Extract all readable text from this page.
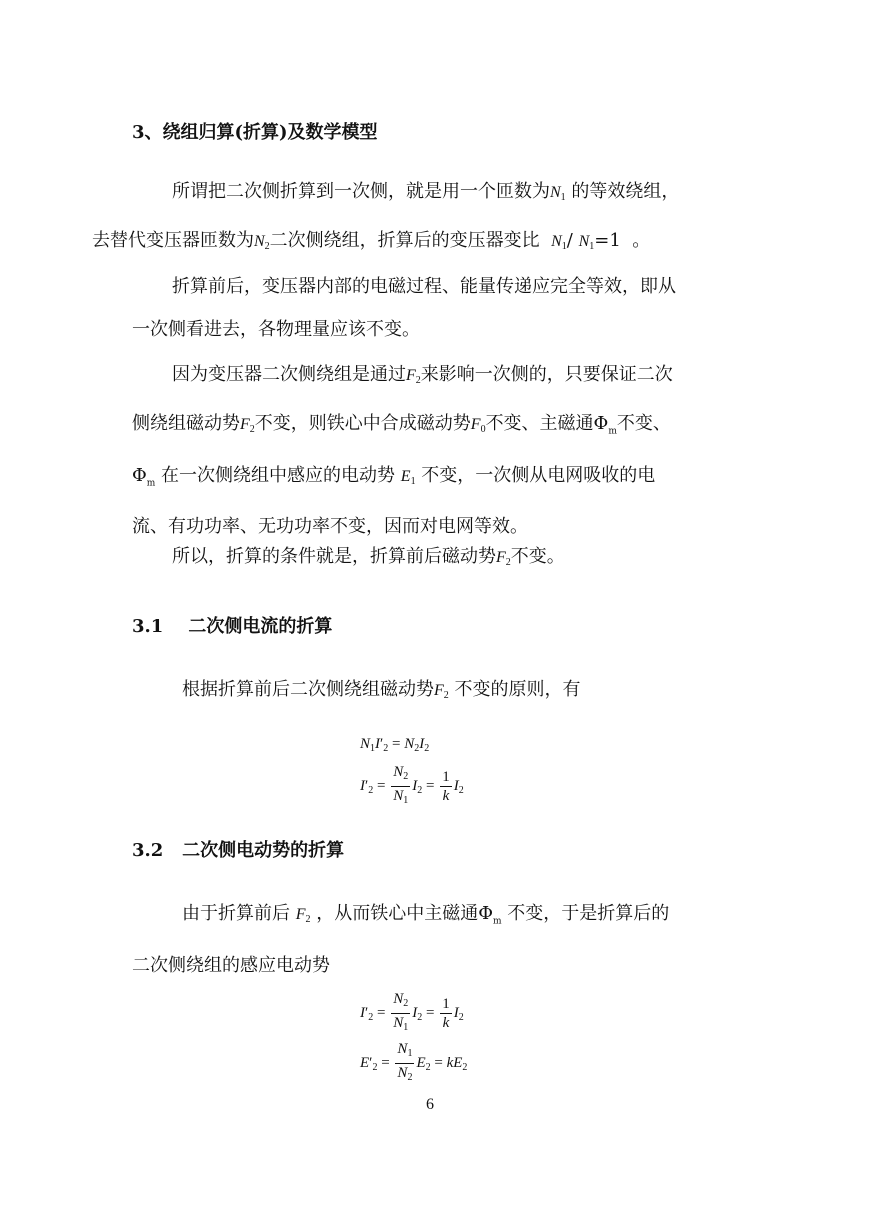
3、绕组归算(折算)及数学模型
所谓把二次侧折算到一次侧，就是用一个匝数为$N_1$ 的等效绕组，
去替代变压器匝数为$N_2$二次侧绕组，折算后的变压器变比 $N_1/$ $N_1=1$ 。
折算前后，变压器内部的电磁过程、能量传递应完全等效，即从
一次侧看进去，各物理量应该不变。
因为变压器二次侧绕组是通过$F_2$来影响一次侧的，只要保证二次
侧绕组磁动势$F_2$不变，则铁心中合成磁动势$F_0$不变、主磁通$\Phi_m$不变、
$\Phi_m$ 在一次侧绕组中感应的电动势 $E_1$ 不变，一次侧从电网吸收的电
流、有功功率、无功功率不变，因而对电网等效。
所以，折算的条件就是，折算前后磁动势$F_2$不变。
3.1    二次侧电流的折算
根据折算前后二次侧绕组磁动势$F_2$ 不变的原则，有
$N_1I'_2 = N_2I_2$
$I'_2 = \frac{N_2}{N_1} I_2 = \frac{1}{k} I_2$
3.2   二次侧电动势的折算
由于折算前后 $F_2$ ，从而铁心中主磁通$\Phi_m$ 不变，于是折算后的
二次侧绕组的感应电动势
$I'_2 = \frac{N_2}{N_1} I_2 = \frac{1}{k} I_2$
$E'_2 = \frac{N_1}{N_2} E_2 = kE_2$
6
